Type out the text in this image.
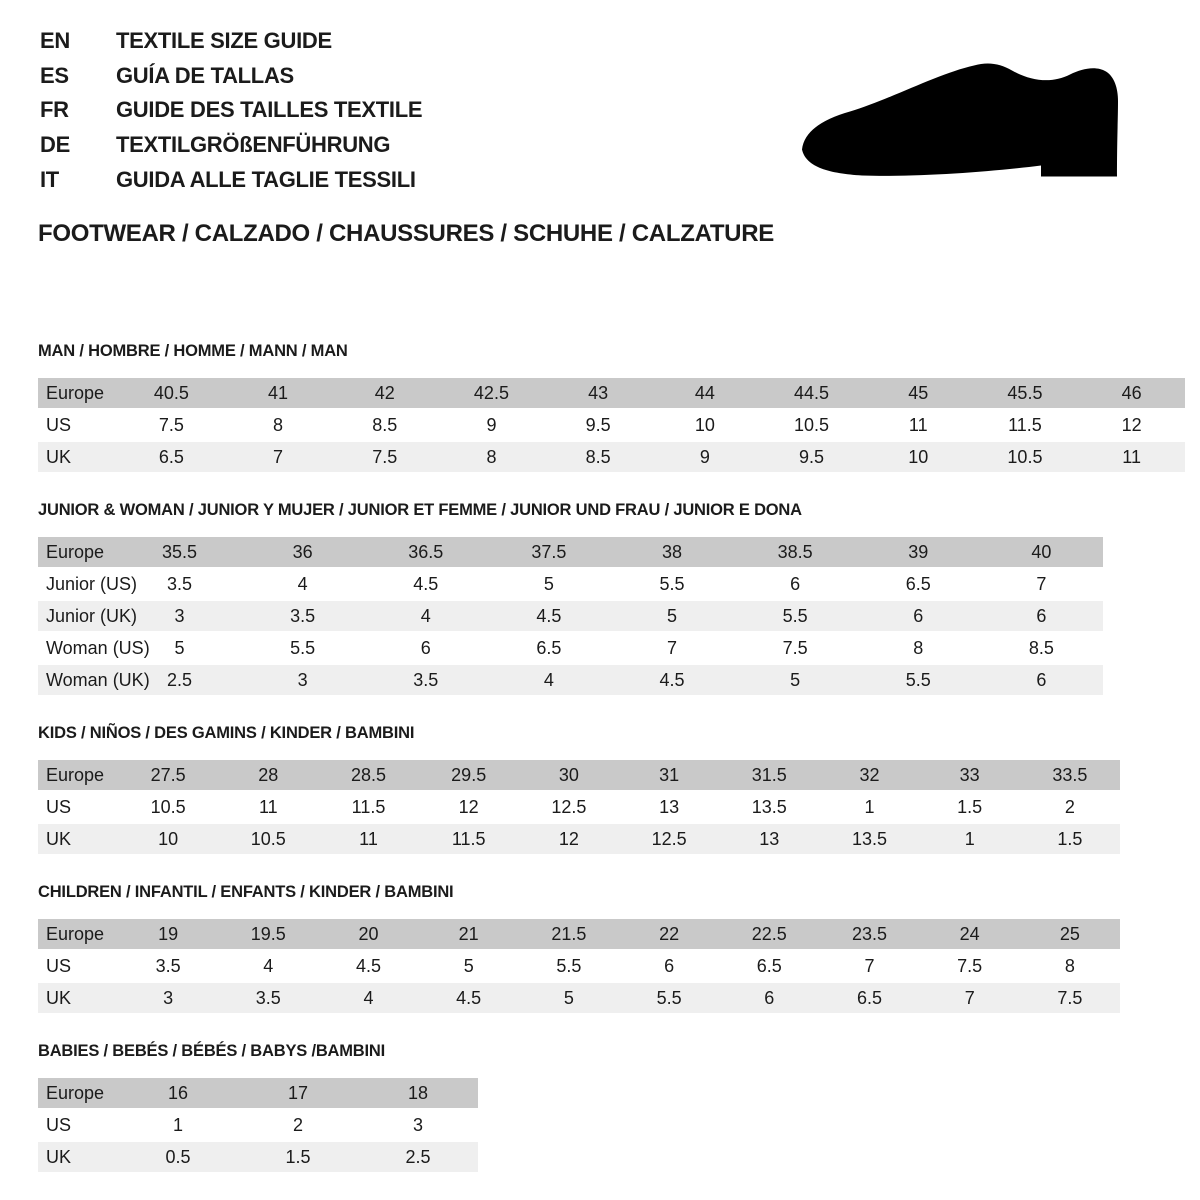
EN	TEXTILE SIZE GUIDE
ES	GUÍA DE TALLAS
FR	GUIDE DES TAILLES TEXTILE
DE	TEXTILGRÖßENFÜHRUNG
IT	GUIDA ALLE TAGLIE TESSILI
FOOTWEAR / CALZADO / CHAUSSURES / SCHUHE / CALZATURE
MAN / HOMBRE / HOMME / MANN / MAN
Europe	40.5	41	42	42.5	43	44	44.5	45	45.5	46
US	7.5	8	8.5	9	9.5	10	10.5	11	11.5	12
UK	6.5	7	7.5	8	8.5	9	9.5	10	10.5	11
JUNIOR & WOMAN / JUNIOR Y MUJER / JUNIOR ET FEMME / JUNIOR UND FRAU / JUNIOR E DONA
Europe	35.5	36	36.5	37.5	38	38.5	39	40
Junior (US)	3.5	4	4.5	5	5.5	6	6.5	7
Junior (UK)	3	3.5	4	4.5	5	5.5	6	6
Woman (US)	5	5.5	6	6.5	7	7.5	8	8.5
Woman (UK) 2.5	3	3.5	4	4.5	5	5.5	6
KIDS / NIÑOS / DES GAMINS / KINDER / BAMBINI
Europe	27.5	28	28.5	29.5	30	31	31.5	32	33	33.5
US	10.5	11	11.5	12	12.5	13	13.5	1	1.5	2
UK	10	10.5	11	11.5	12	12.5	13	13.5	1	1.5
CHILDREN / INFANTIL / ENFANTS / KINDER / BAMBINI
Europe	19	19.5	20	21	21.5	22	22.5	23.5	24	25
US	3.5	4	4.5	5	5.5	6	6.5	7	7.5	8
UK	3	3.5	4	4.5	5	5.5	6	6.5	7	7.5
BABIES / BEBÉS / BÉBÉS / BABYS /BAMBINI
Europe	16	17	18
US	1	2	3
UK	0.5	1.5	2.5
